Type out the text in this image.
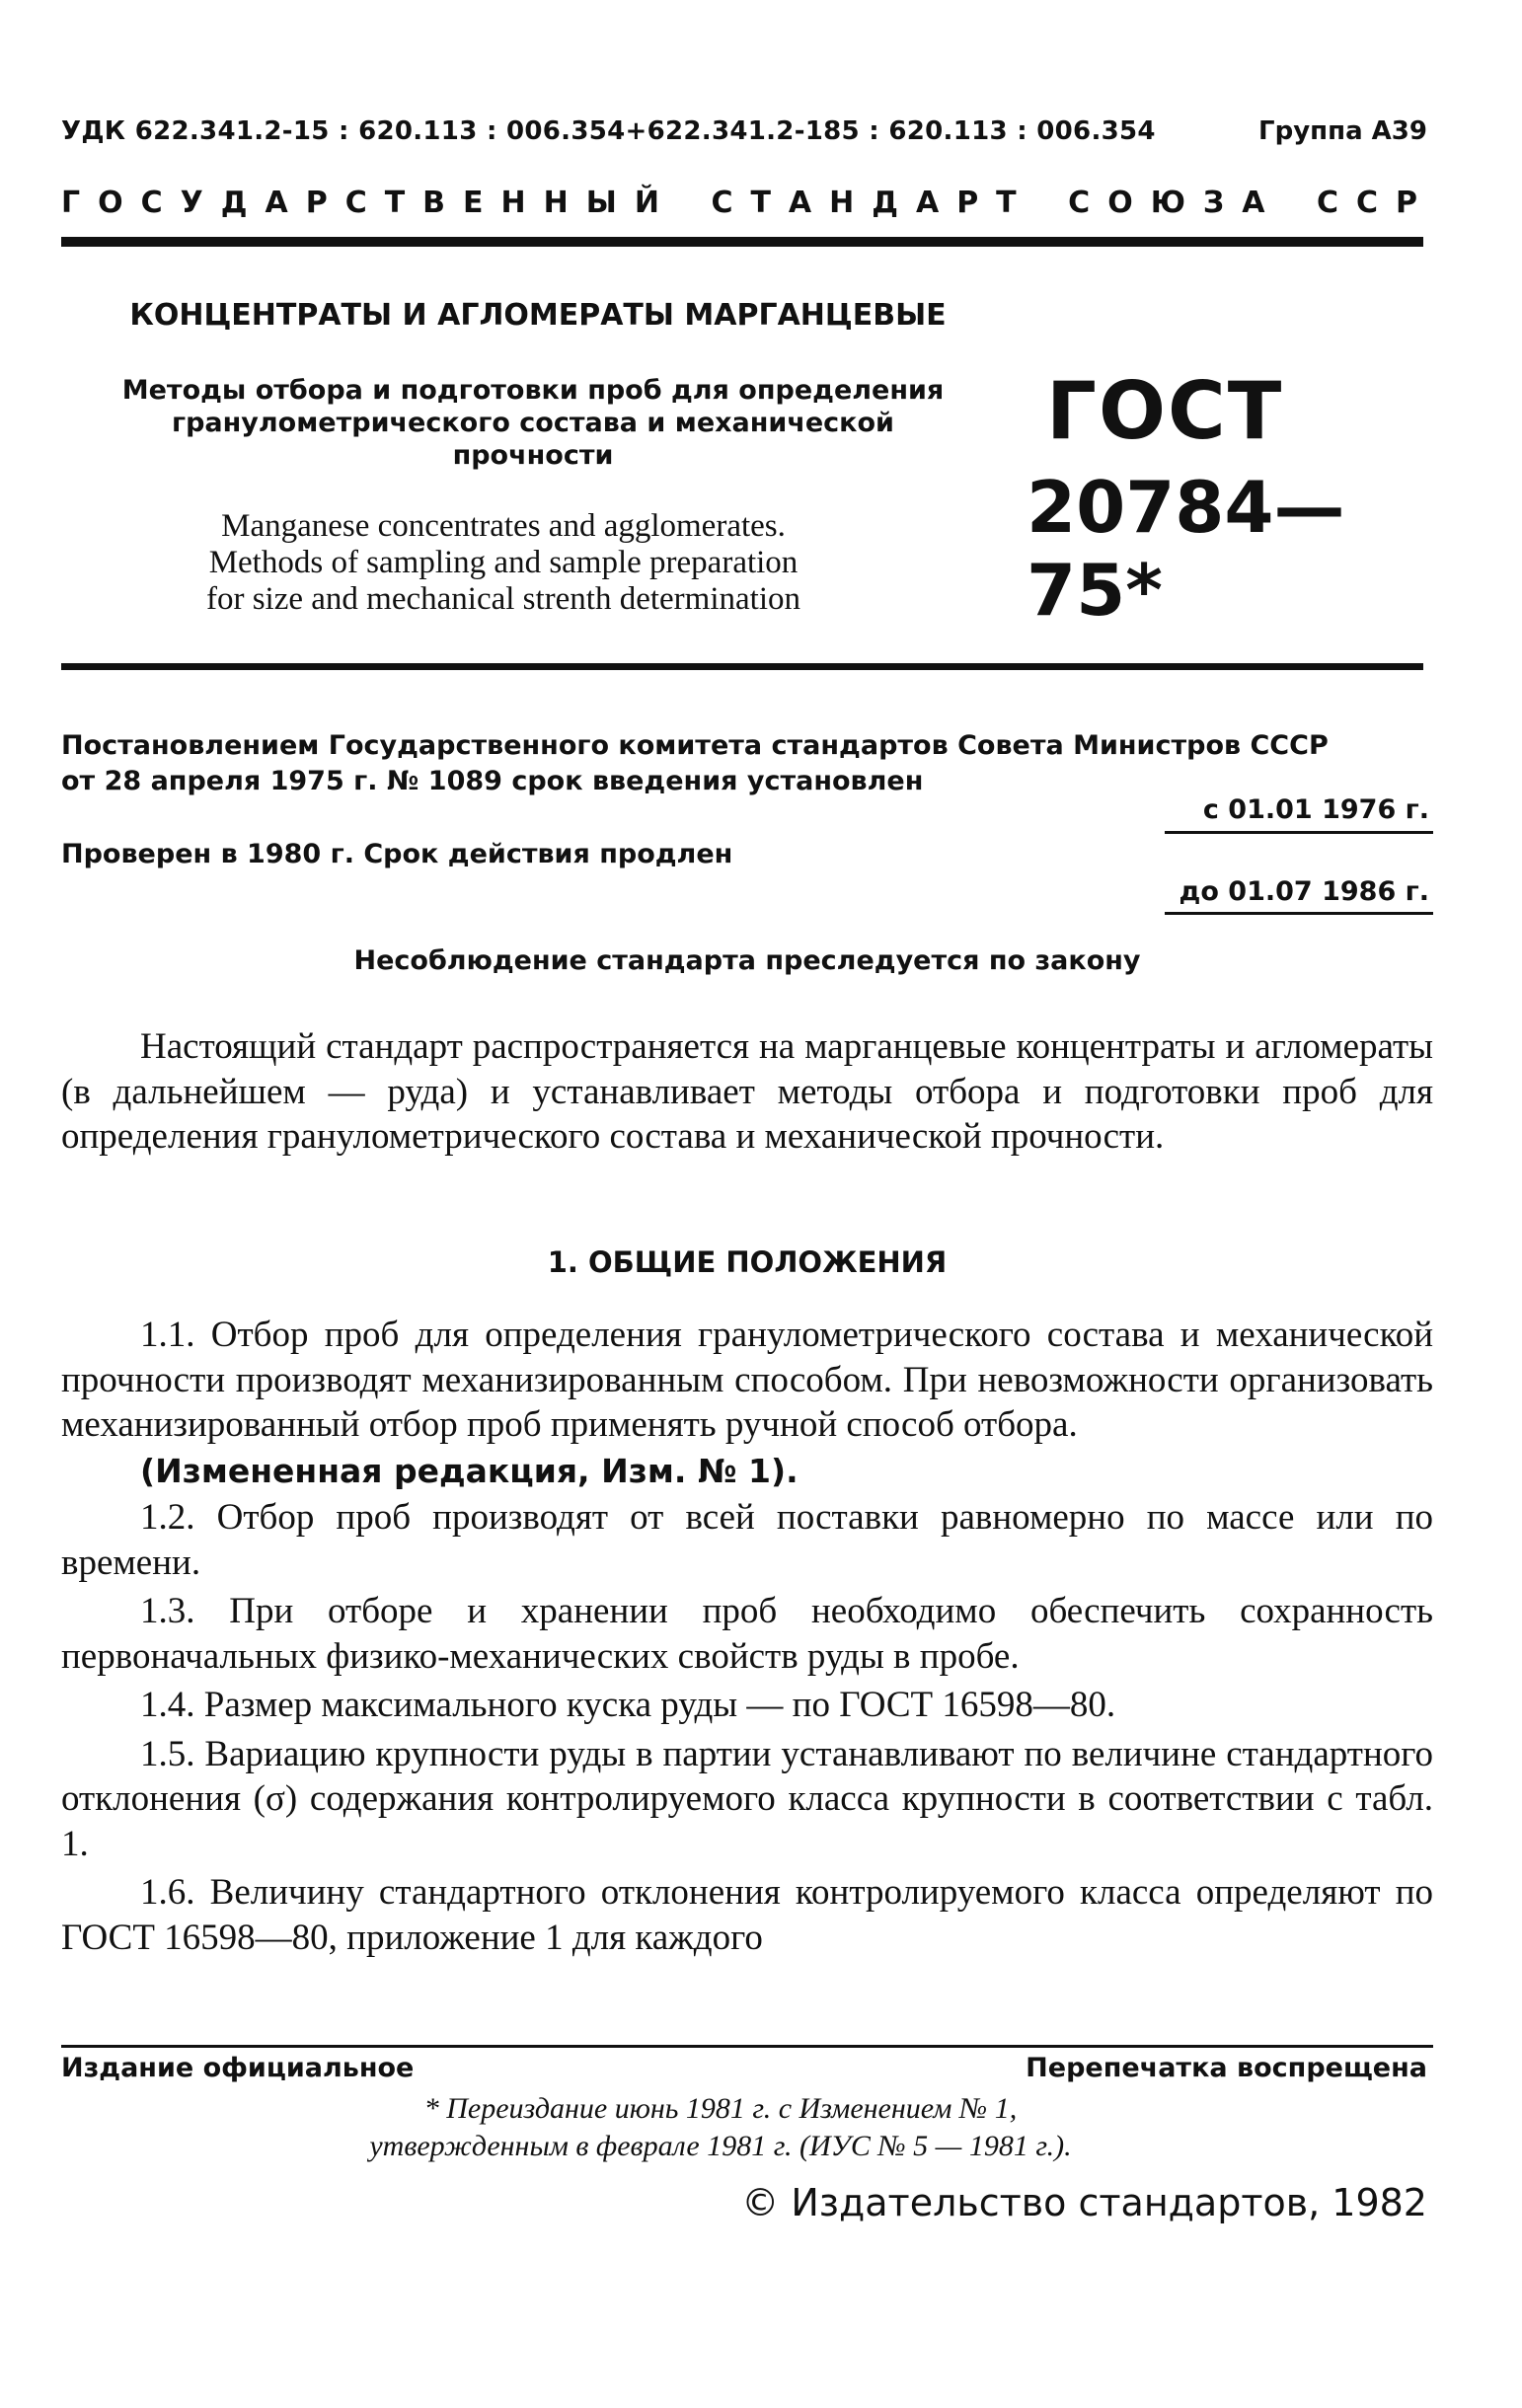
УДК 622.341.2-15 : 620.113 : 006.354+622.341.2-185 : 620.113 : 006.354	Группа А39
ГОСУДАРСТВЕННЫЙ СТАНДАРТ СОЮЗА ССР
КОНЦЕНТРАТЫ И АГЛОМЕРАТЫ МАРГАНЦЕВЫЕ
Методы отбора и подготовки проб для определения
гранулометрического состава и механической
прочности
Manganese concentrates and agglomerates.
Methods of sampling and sample preparation
for size and mechanical strenth determination
ГОСТ
20784—75*
Постановлением Государственного комитета стандартов Совета Министров СССР
от 28 апреля 1975 г. № 1089 срок введения установлен
с 01.01 1976 г.
Проверен в 1980 г. Срок действия продлен
до 01.07 1986 г.
Несоблюдение стандарта преследуется по закону
Настоящий стандарт распространяется на марганцевые концентраты и агломераты (в дальнейшем — руда) и устанавливает методы отбора и подготовки проб для определения гранулометрического состава и механической прочности.
1. ОБЩИЕ ПОЛОЖЕНИЯ

1.1. Отбор проб для определения гранулометрического состава и механической прочности производят механизированным способом. При невозможности организовать механизированный отбор проб применять ручной способ отбора.

(Измененная редакция, Изм. № 1).

1.2. Отбор проб производят от всей поставки равномерно по массе или по времени.

1.3. При отборе и хранении проб необходимо обеспечить сохранность первоначальных физико-механических свойств руды в пробе.

1.4. Размер максимального куска руды — по ГОСТ 16598—80.

1.5. Вариацию крупности руды в партии устанавливают по величине стандартного отклонения (σ) содержания контролируемого класса крупности в соответствии с табл. 1.

1.6. Величину стандартного отклонения контролируемого класса определяют по ГОСТ 16598—80, приложение 1 для каждого

Издание официальное	Перепечатка воспрещена
* Переиздание июнь 1981 г. с Изменением № 1,
утвержденным в феврале 1981 г. (ИУС № 5 — 1981 г.).
© Издательство стандартов, 1982
